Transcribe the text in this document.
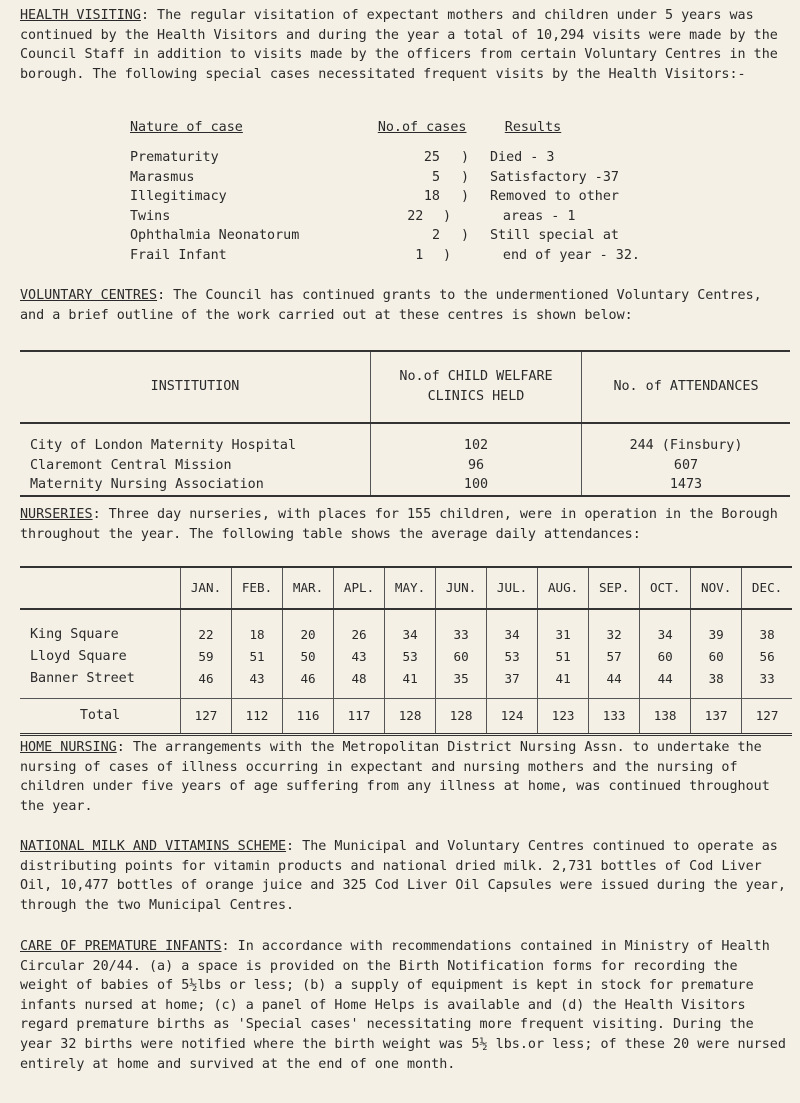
HEALTH VISITING: The regular visitation of expectant mothers and children under 5 years was continued by the Health Visitors and during the year a total of 10,294 visits were made by the Council Staff in addition to visits made by the officers from certain Voluntary Centres in the borough. The following special cases necessitated frequent visits by the Health Visitors:-

Nature of case	No.of cases	Results
Prematurity	25	)	Died - 3
Marasmus	5	)	Satisfactory -37
Illegitimacy	18	)	Removed to other
Twins	22	)	areas - 1
Ophthalmia Neonatorum	2	)	Still special at
Frail Infant	1	)	end of year - 32.

VOLUNTARY CENTRES: The Council has continued grants to the undermentioned Voluntary Centres, and a brief outline of the work carried out at these centres is shown below:

INSTITUTION	No.of CHILD WELFARE CLINICS HELD	No. of ATTENDANCES
City of London Maternity Hospital	102	244 (Finsbury)
Claremont Central Mission	96	607
Maternity Nursing Association	100	1473

NURSERIES: Three day nurseries, with places for 155 children, were in operation in the Borough throughout the year. The following table shows the average daily attendances:

	JAN.	FEB.	MAR.	APL.	MAY.	JUN.	JUL.	AUG.	SEP.	OCT.	NOV.	DEC.
King Square	22	18	20	26	34	33	34	31	32	34	39	38
Lloyd Square	59	51	50	43	53	60	53	51	57	60	60	56
Banner Street	46	43	46	48	41	35	37	41	44	44	38	33

Total	127	112	116	117	128	128	124	123	133	138	137	127

HOME NURSING: The arrangements with the Metropolitan District Nursing Assn. to undertake the nursing of cases of illness occurring in expectant and nursing mothers and the nursing of children under five years of age suffering from any illness at home, was continued throughout the year.

NATIONAL MILK AND VITAMINS SCHEME: The Municipal and Voluntary Centres continued to operate as distributing points for vitamin products and national dried milk. 2,731 bottles of Cod Liver Oil, 10,477 bottles of orange juice and 325 Cod Liver Oil Capsules were issued during the year, through the two Municipal Centres.

CARE OF PREMATURE INFANTS: In accordance with recommendations contained in Ministry of Health Circular 20/44. (a) a space is provided on the Birth Notification forms for recording the weight of babies of 5½lbs or less; (b) a supply of equipment is kept in stock for premature infants nursed at home; (c) a panel of Home Helps is available and (d) the Health Visitors regard premature births as 'Special cases' necessitating more frequent visiting. During the year 32 births were notified where the birth weight was 5½ lbs.or less; of these 20 were nursed entirely at home and survived at the end of one month.
